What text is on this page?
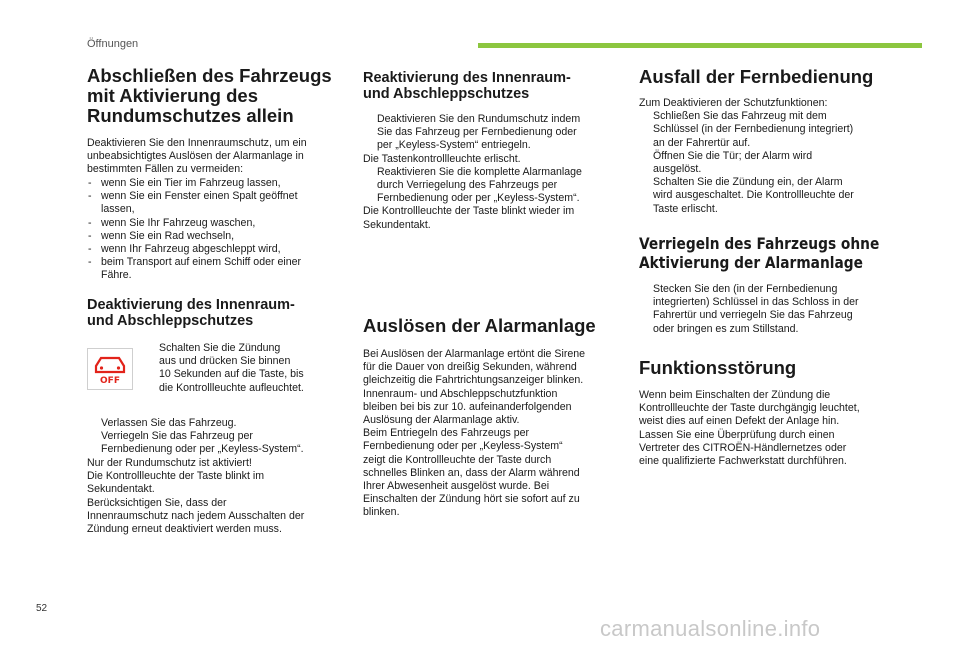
Öffnungen
Abschließen des Fahrzeugs
mit Aktivierung des
Rundumschutzes allein
Deaktivieren Sie den Innenraumschutz, um ein
unbeabsichtigtes Auslösen der Alarmanlage in
bestimmten Fällen zu vermeiden:
- wenn Sie ein Tier im Fahrzeug lassen,
- wenn Sie ein Fenster einen Spalt geöffnet
lassen,
- wenn Sie Ihr Fahrzeug waschen,
- wenn Sie ein Rad wechseln,
- wenn Ihr Fahrzeug abgeschleppt wird,
- beim Transport auf einem Schiff oder einer
Fähre.
Deaktivierung des Innenraum-
und Abschleppschutzes
OFF
Schalten Sie die Zündung
aus und drücken Sie binnen
10 Sekunden auf die Taste, bis
die Kontrollleuchte aufleuchtet.
Verlassen Sie das Fahrzeug.
Verriegeln Sie das Fahrzeug per
Fernbedienung oder per „Keyless-System“.
Nur der Rundumschutz ist aktiviert!
Die Kontrollleuchte der Taste blinkt im
Sekundentakt.
Berücksichtigen Sie, dass der
Innenraumschutz nach jedem Ausschalten der
Zündung erneut deaktiviert werden muss.
Reaktivierung des Innenraum-
und Abschleppschutzes
Deaktivieren Sie den Rundumschutz indem
Sie das Fahrzeug per Fernbedienung oder
per „Keyless-System“ entriegeln.
Die Tastenkontrollleuchte erlischt.
Reaktivieren Sie die komplette Alarmanlage
durch Verriegelung des Fahrzeugs per
Fernbedienung oder per „Keyless-System“.
Die Kontrollleuchte der Taste blinkt wieder im
Sekundentakt.
Auslösen der Alarmanlage
Bei Auslösen der Alarmanlage ertönt die Sirene
für die Dauer von dreißig Sekunden, während
gleichzeitig die Fahrtrichtungsanzeiger blinken.
Innenraum- und Abschleppschutzfunktion
bleiben bei bis zur 10. aufeinanderfolgenden
Auslösung der Alarmanlage aktiv.
Beim Entriegeln des Fahrzeugs per
Fernbedienung oder per „Keyless-System“
zeigt die Kontrollleuchte der Taste durch
schnelles Blinken an, dass der Alarm während
Ihrer Abwesenheit ausgelöst wurde. Bei
Einschalten der Zündung hört sie sofort auf zu
blinken.
Ausfall der Fernbedienung
Zum Deaktivieren der Schutzfunktionen:
Schließen Sie das Fahrzeug mit dem
Schlüssel (in der Fernbedienung integriert)
an der Fahrertür auf.
Öffnen Sie die Tür; der Alarm wird
ausgelöst.
Schalten Sie die Zündung ein, der Alarm
wird ausgeschaltet. Die Kontrollleuchte der
Taste erlischt.
Verriegeln des Fahrzeugs ohne
Aktivierung der Alarmanlage
Stecken Sie den (in der Fernbedienung
integrierten) Schlüssel in das Schloss in der
Fahrertür und verriegeln Sie das Fahrzeug
oder bringen es zum Stillstand.
Funktionsstörung
Wenn beim Einschalten der Zündung die
Kontrollleuchte der Taste durchgängig leuchtet,
weist dies auf einen Defekt der Anlage hin.
Lassen Sie eine Überprüfung durch einen
Vertreter des CITROËN-Händlernetzes oder
eine qualifizierte Fachwerkstatt durchführen.
52
carmanualsonline.info
